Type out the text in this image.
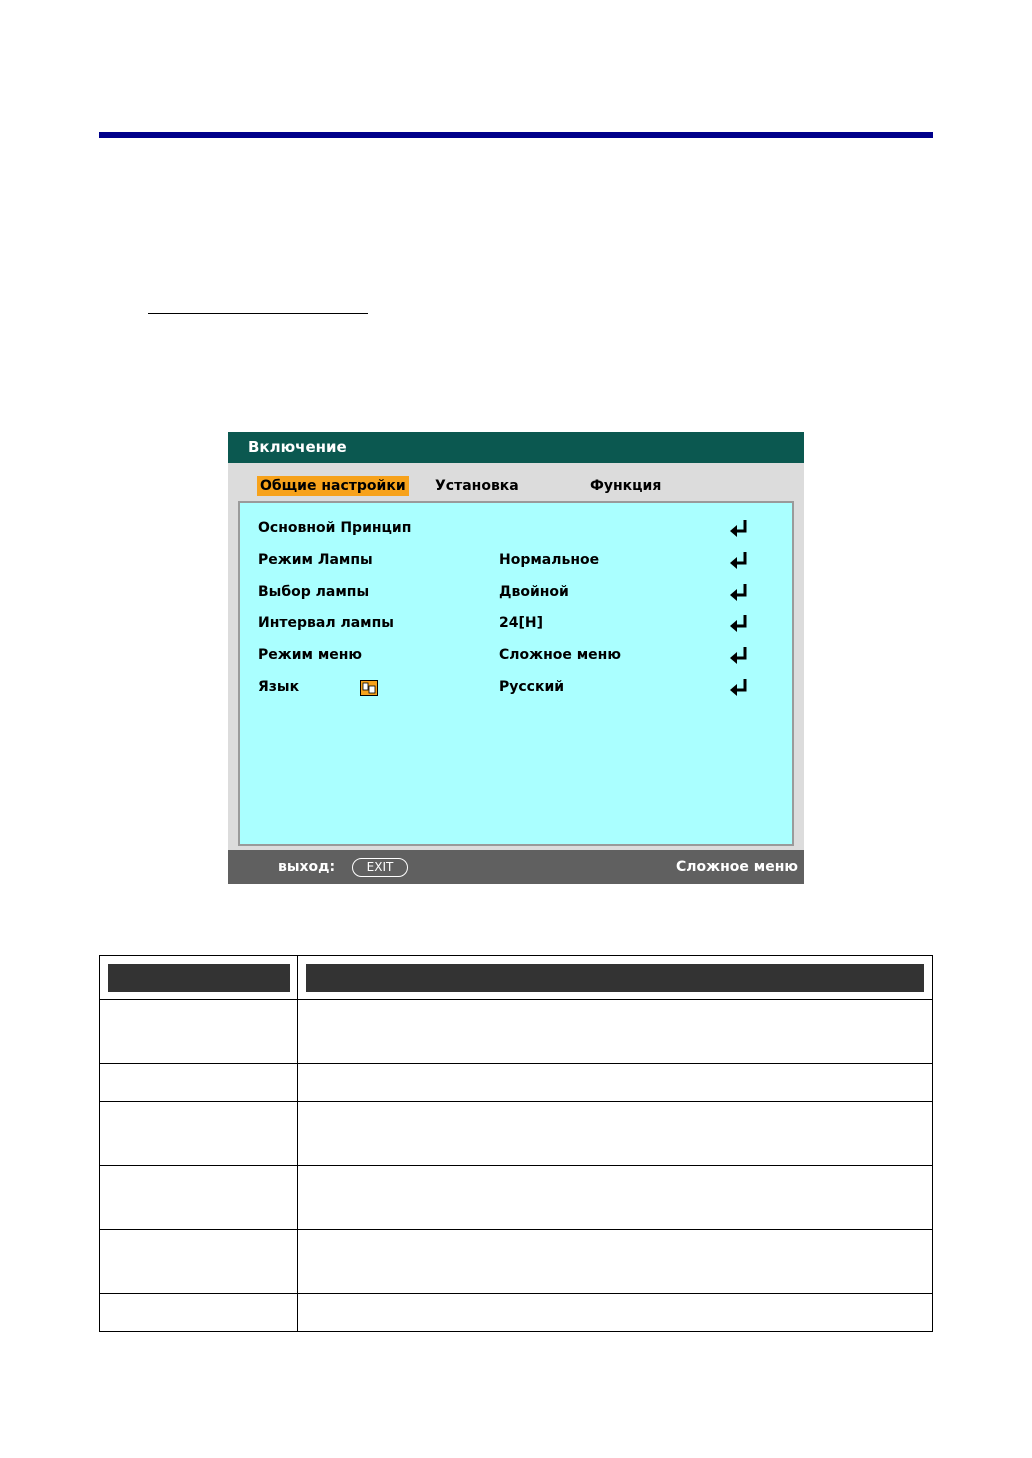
Включение
Общие настройки Установка	Функция
Основной Принцип
Режим Лампы	Нормальное
Выбор лампы	Двойной
Интервал лампы	24[H]
Режим меню	Сложное меню
Язык	Русский
выход:	EXIT	Сложное меню
